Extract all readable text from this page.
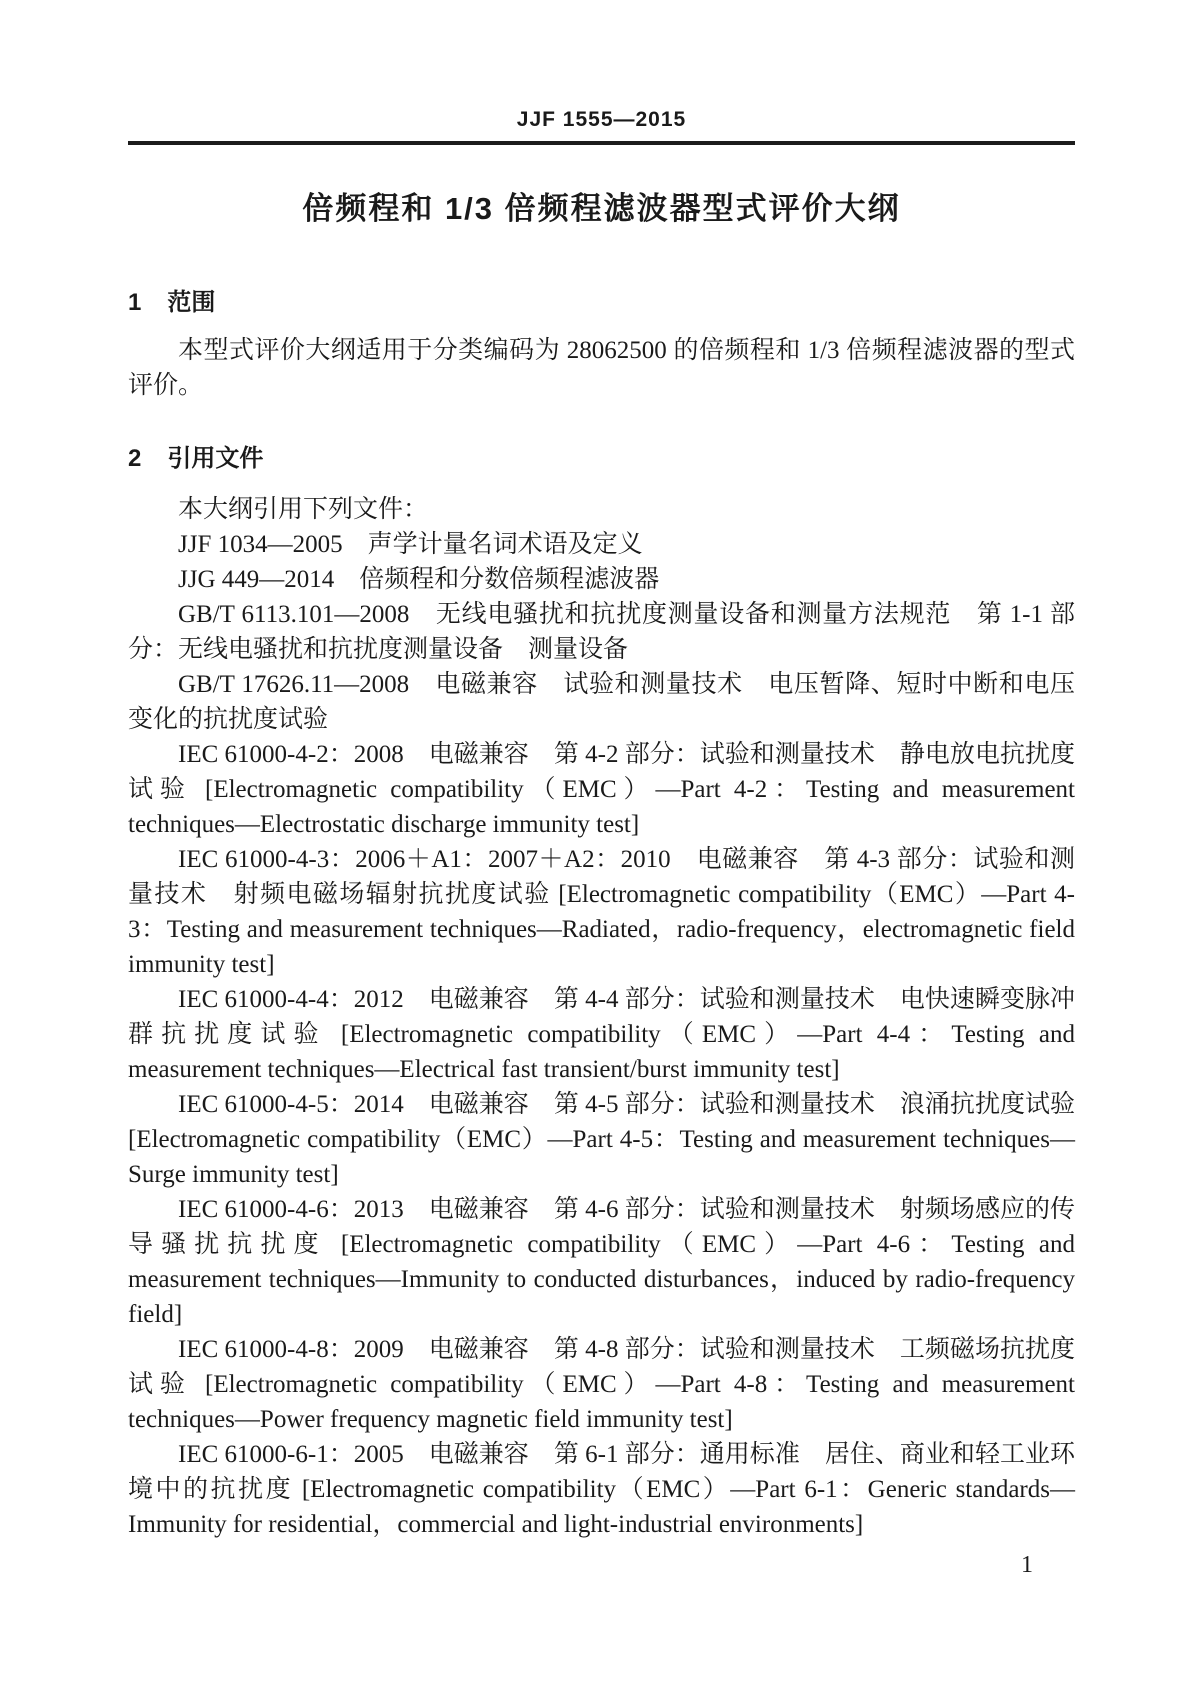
JJF 1555—2015
倍频程和 1/3 倍频程滤波器型式评价大纲
1 范围

本型式评价大纲适用于分类编码为 28062500 的倍频程和 1/3 倍频程滤波器的型式评价。

2 引用文件

本大纲引用下列文件：

JJF 1034—2005　声学计量名词术语及定义

JJG 449—2014　倍频程和分数倍频程滤波器

GB/T 6113.101—2008　无线电骚扰和抗扰度测量设备和测量方法规范　第 1-1 部分：无线电骚扰和抗扰度测量设备　测量设备

GB/T 17626.11—2008　电磁兼容　试验和测量技术　电压暂降、短时中断和电压变化的抗扰度试验

IEC 61000-4-2：2008　电磁兼容　第 4-2 部分：试验和测量技术　静电放电抗扰度试验 [Electromagnetic compatibility（EMC）—Part 4-2：Testing and measurement techniques—Electrostatic discharge immunity test]

IEC 61000-4-3：2006＋A1：2007＋A2：2010　电磁兼容　第 4-3 部分：试验和测量技术　射频电磁场辐射抗扰度试验 [Electromagnetic compatibility（EMC）—Part 4-3：Testing and measurement techniques—Radiated，radio-frequency，electromagnetic field immunity test]

IEC 61000-4-4：2012　电磁兼容　第 4-4 部分：试验和测量技术　电快速瞬变脉冲群抗扰度试验 [Electromagnetic compatibility（EMC）—Part 4-4：Testing and measurement techniques—Electrical fast transient/burst immunity test]

IEC 61000-4-5：2014　电磁兼容　第 4-5 部分：试验和测量技术　浪涌抗扰度试验 [Electromagnetic compatibility（EMC）—Part 4-5：Testing and measurement techniques—Surge immunity test]

IEC 61000-4-6：2013　电磁兼容　第 4-6 部分：试验和测量技术　射频场感应的传导骚扰抗扰度 [Electromagnetic compatibility（EMC）—Part 4-6：Testing and measurement techniques—Immunity to conducted disturbances，induced by radio-frequency field]

IEC 61000-4-8：2009　电磁兼容　第 4-8 部分：试验和测量技术　工频磁场抗扰度试验 [Electromagnetic compatibility（EMC）—Part 4-8：Testing and measurement techniques—Power frequency magnetic field immunity test]

IEC 61000-6-1：2005　电磁兼容　第 6-1 部分：通用标准　居住、商业和轻工业环境中的抗扰度 [Electromagnetic compatibility（EMC）—Part 6-1：Generic standards—Immunity for residential，commercial and light-industrial environments]

1
